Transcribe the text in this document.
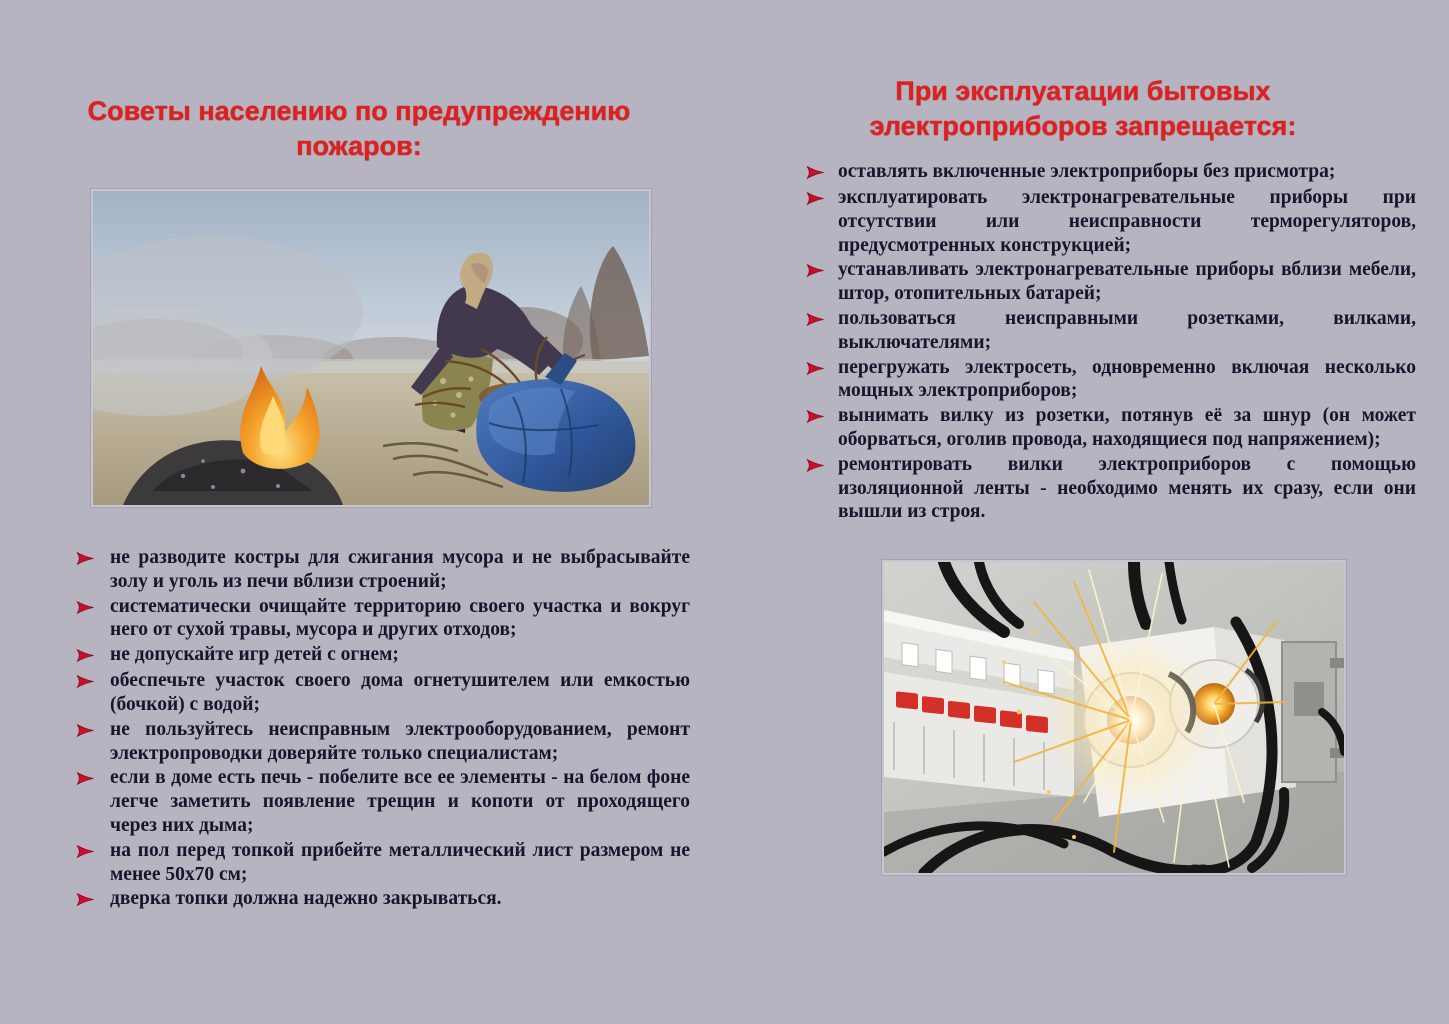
Советы населению по предупреждению пожаров:
При эксплуатации бытовых электроприборов запрещается:
не разводите костры для сжигания мусора и не выбрасывайте золу и уголь из печи вблизи строений;
систематически очищайте территорию своего участка и вокруг него от сухой травы, мусора и других отходов;
не допускайте игр детей с огнем;
обеспечьте участок своего дома огнетушителем или емкостью (бочкой) с водой;
не пользуйтесь неисправным электрооборудованием, ремонт электропроводки доверяйте только специалистам;
если в доме есть печь - побелите все ее элементы - на белом фоне легче заметить появление трещин и копоти от проходящего через них дыма;
на пол перед топкой прибейте металлический лист размером не менее 50х70 см;
дверка топки должна надежно закрываться.
оставлять включенные электроприборы без присмотра;
эксплуатировать электронагревательные приборы при отсутствии или неисправности терморегуляторов, предусмотренных конструкцией;
устанавливать электронагревательные приборы вблизи мебели, штор, отопительных батарей;
пользоваться неисправными розетками, вилками, выключателями;
перегружать электросеть, одновременно включая несколько мощных электроприборов;
вынимать вилку из розетки, потянув её за шнур (он может оборваться, оголив провода, находящиеся под напряжением);
ремонтировать вилки электроприборов с помощью изоляционной ленты - необходимо менять их сразу, если они вышли из строя.
